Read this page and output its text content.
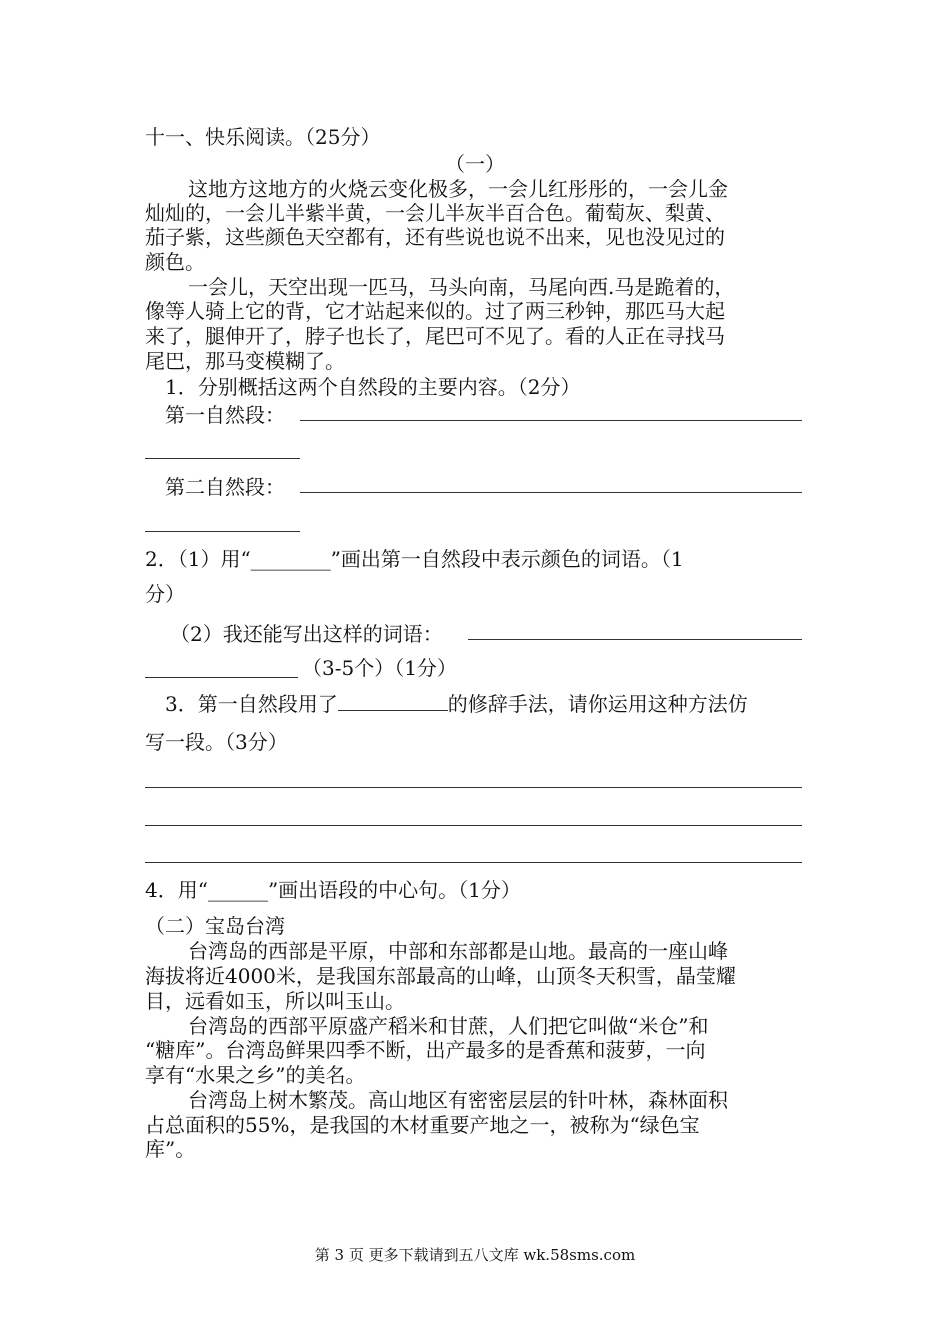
十一、快乐阅读。（25分）
（一）
这地方这地方的火烧云变化极多，一会儿红彤彤的，一会儿金
灿灿的，一会儿半紫半黄，一会儿半灰半百合色。葡萄灰、梨黄、
茄子紫，这些颜色天空都有，还有些说也说不出来，见也没见过的
颜色。
一会儿，天空出现一匹马，马头向南，马尾向西.马是跪着的，
像等人骑上它的背，它才站起来似的。过了两三秒钟，那匹马大起
来了，腿伸开了，脖子也长了，尾巴可不见了。看的人正在寻找马
尾巴，那马变模糊了。
1．分别概括这两个自然段的主要内容。（2分）
第一自然段：
第二自然段：
2．（1）用“________”画出第一自然段中表示颜色的词语。（1
分）
（2）我还能写出这样的词语：
（3-5个）（1分）
3．第一自然段用了	的修辞手法，请你运用这种方法仿
写一段。（3分）
4．用“______”画出语段的中心句。（1分）
（二）宝岛台湾
台湾岛的西部是平原，中部和东部都是山地。最高的一座山峰
海拔将近4000米，是我国东部最高的山峰，山顶冬天积雪，晶莹耀
目，远看如玉，所以叫玉山。
台湾岛的西部平原盛产稻米和甘蔗，人们把它叫做“米仓”和
“糖库”。台湾岛鲜果四季不断，出产最多的是香蕉和菠萝，一向
享有“水果之乡”的美名。
台湾岛上树木繁茂。高山地区有密密层层的针叶林，森林面积
占总面积的55%，是我国的木材重要产地之一，被称为“绿色宝
库”。
第 3 页 更多下载请到五八文库 wk.58sms.com
